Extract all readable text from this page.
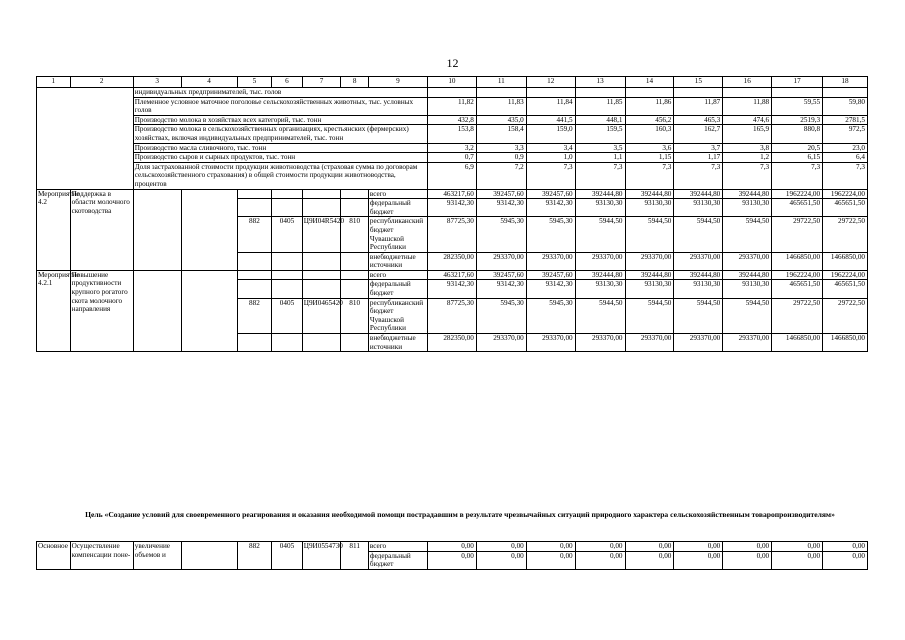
12
1	2	3	4	5	6	7	8	9	10	11	12	13	14	15	16	17	18
		индивидуальных предпринимателей, тыс. голов															
		Племенное условное маточное поголовье сельскохозяйственных животных, тыс. условных голов							11,82	11,83	11,84	11,85	11,86	11,87	11,88	59,55	59,80
		Производство молока в хозяйствах всех категорий, тыс. тонн							432,8	435,0	441,5	448,1	456,2	465,3	474,6	2519,3	2781,5
		Производство молока в сельскохозяйственных организациях, крестьянских (фермерских) хозяйствах, включая индивидуальных предпринимателей, тыс. тонн							153,8	158,4	159,0	159,5	160,3	162,7	165,9	880,8	972,5
		Производство масла сливочного, тыс. тонн							3,2	3,3	3,4	3,5	3,6	3,7	3,8	20,5	23,0
		Производство сыров и сырных продуктов, тыс. тонн							0,7	0,9	1,0	1,1	1,15	1,17	1,2	6,15	6,4
		Доля застрахованной стоимости продукции животноводства (страховая сумма по договорам сельскохозяйственного страхования) в общей стоимости продукции животноводства, процентов							6,9	7,2	7,3	7,3	7,3	7,3	7,3	7,3	7,3
Мероприятие 4.2	Поддержка в области молочного скотоводства							всего	463217,60	392457,60	392457,60	392444,80	392444,80	392444,80	392444,80	1962224,00	1962224,00
								федеральный бюджет	93142,30	93142,30	93142,30	93130,30	93130,30	93130,30	93130,30	465651,50	465651,50
				882	0405	Ц9И04R5420	810	республиканский бюджет Чувашской Республики	87725,30	5945,30	5945,30	5944,50	5944,50	5944,50	5944,50	29722,50	29722,50
								внебюджетные источники	282350,00	293370,00	293370,00	293370,00	293370,00	293370,00	293370,00	1466850,00	1466850,00
Мероприятие 4.2.1	Повышение продуктивности крупного рогатого скота молочного направления							всего	463217,60	392457,60	392457,60	392444,80	392444,80	392444,80	392444,80	1962224,00	1962224,00
								федеральный бюджет	93142,30	93142,30	93142,30	93130,30	93130,30	93130,30	93130,30	465651,50	465651,50
				882	0405	Ц9И0465420	810	республиканский бюджет Чувашской Республики	87725,30	5945,30	5945,30	5944,50	5944,50	5944,50	5944,50	29722,50	29722,50
								внебюджетные источники	282350,00	293370,00	293370,00	293370,00	293370,00	293370,00	293370,00	1466850,00	1466850,00
Цель «Создание условий для своевременного реагирования и оказания необходимой помощи пострадавшим в результате чрезвычайных ситуаций природного характера сельскохозяйственным товаропроизводителям»
Основное	Осуществление компенсации поне-	увеличение объемов и		882	0405	Ц9И0554730	811	всего	0,00	0,00	0,00	0,00	0,00	0,00	0,00	0,00	0,00
								федеральный бюджет	0,00	0,00	0,00	0,00	0,00	0,00	0,00	0,00	0,00
